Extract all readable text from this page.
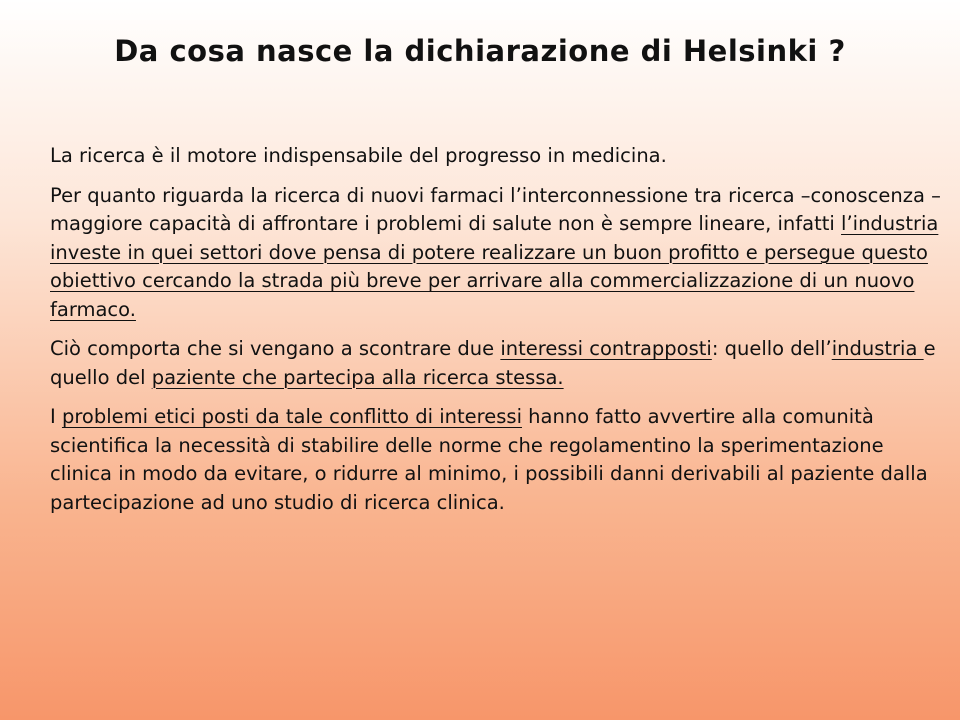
Da cosa nasce la dichiarazione di Helsinki ?

La ricerca è il motore indispensabile del progresso in medicina.

Per quanto riguarda la ricerca di nuovi farmaci l’interconnessione tra ricerca –conoscenza – maggiore capacità di affrontare i problemi di salute non è sempre lineare, infatti l’industria investe in quei settori dove pensa di potere realizzare un buon profitto e persegue questo obiettivo cercando la strada più breve per arrivare alla commercializzazione di un nuovo farmaco.

Ciò comporta che si vengano a scontrare due interessi contrapposti: quello dell’industria e quello del paziente che partecipa alla ricerca stessa.

I problemi etici posti da tale conflitto di interessi hanno fatto avvertire alla comunità scientifica la necessità di stabilire delle norme che regolamentino la sperimentazione clinica in modo da evitare, o ridurre al minimo, i possibili danni derivabili al paziente dalla partecipazione ad uno studio di ricerca clinica.
